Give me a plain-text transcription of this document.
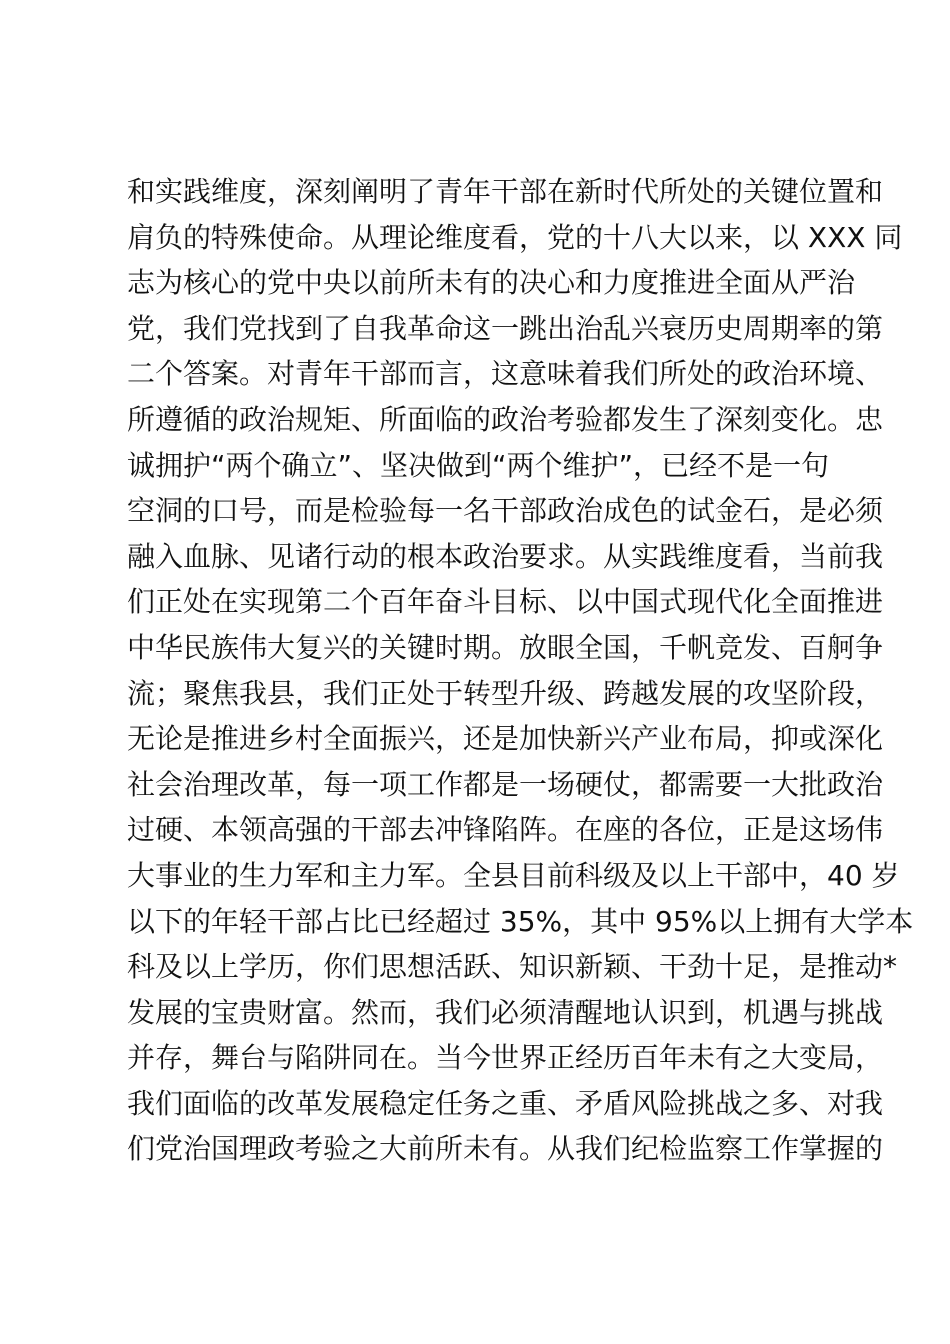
和实践维度，深刻阐明了青年干部在新时代所处的关键位置和
肩负的特殊使命。从理论维度看，党的十八大以来，以 XXX 同
志为核心的党中央以前所未有的决心和力度推进全面从严治
党，我们党找到了自我革命这一跳出治乱兴衰历史周期率的第
二个答案。对青年干部而言，这意味着我们所处的政治环境、
所遵循的政治规矩、所面临的政治考验都发生了深刻变化。忠
诚拥护“两个确立”、坚决做到“两个维护”，已经不是一句
空洞的口号，而是检验每一名干部政治成色的试金石，是必须
融入血脉、见诸行动的根本政治要求。从实践维度看，当前我
们正处在实现第二个百年奋斗目标、以中国式现代化全面推进
中华民族伟大复兴的关键时期。放眼全国，千帆竞发、百舸争
流；聚焦我县，我们正处于转型升级、跨越发展的攻坚阶段，
无论是推进乡村全面振兴，还是加快新兴产业布局，抑或深化
社会治理改革，每一项工作都是一场硬仗，都需要一大批政治
过硬、本领高强的干部去冲锋陷阵。在座的各位，正是这场伟
大事业的生力军和主力军。全县目前科级及以上干部中，40 岁
以下的年轻干部占比已经超过 35%，其中 95%以上拥有大学本
科及以上学历，你们思想活跃、知识新颖、干劲十足，是推动*
发展的宝贵财富。然而，我们必须清醒地认识到，机遇与挑战
并存，舞台与陷阱同在。当今世界正经历百年未有之大变局，
我们面临的改革发展稳定任务之重、矛盾风险挑战之多、对我
们党治国理政考验之大前所未有。从我们纪检监察工作掌握的
